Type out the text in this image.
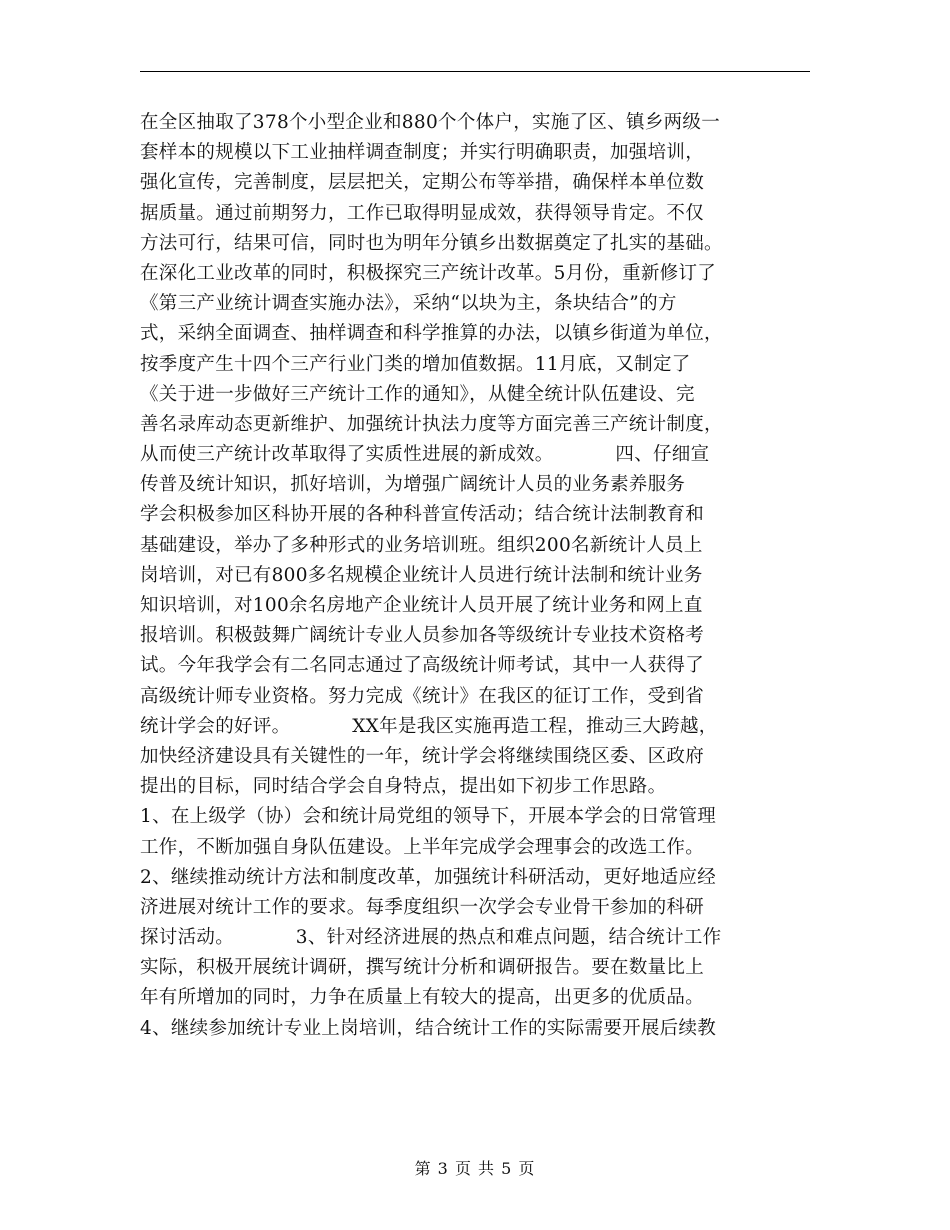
在全区抽取了378个小型企业和880个个体户，实施了区、镇乡两级一
套样本的规模以下工业抽样调查制度；并实行明确职责，加强培训，
强化宣传，完善制度，层层把关，定期公布等举措，确保样本单位数
据质量。通过前期努力，工作已取得明显成效，获得领导肯定。不仅
方法可行，结果可信，同时也为明年分镇乡出数据奠定了扎实的基础。
在深化工业改革的同时，积极探究三产统计改革。5月份，重新修订了
《第三产业统计调查实施办法》，采纳“以块为主，条块结合”的方
式，采纳全面调查、抽样调查和科学推算的办法，以镇乡街道为单位，
按季度产生十四个三产行业门类的增加值数据。11月底，又制定了
《关于进一步做好三产统计工作的通知》，从健全统计队伍建设、完
善名录库动态更新维护、加强统计执法力度等方面完善三产统计制度，
从而使三产统计改革取得了实质性进展的新成效。          四、仔细宣
传普及统计知识，抓好培训，为增强广阔统计人员的业务素养服务
学会积极参加区科协开展的各种科普宣传活动；结合统计法制教育和
基础建设，举办了多种形式的业务培训班。组织200名新统计人员上
岗培训，对已有800多名规模企业统计人员进行统计法制和统计业务
知识培训，对100余名房地产企业统计人员开展了统计业务和网上直
报培训。积极鼓舞广阔统计专业人员参加各等级统计专业技术资格考
试。今年我学会有二名同志通过了高级统计师考试，其中一人获得了
高级统计师专业资格。努力完成《统计》在我区的征订工作，受到省
统计学会的好评。          XX年是我区实施再造工程，推动三大跨越，
加快经济建设具有关键性的一年，统计学会将继续围绕区委、区政府
提出的目标，同时结合学会自身特点，提出如下初步工作思路。
1、在上级学（协）会和统计局党组的领导下，开展本学会的日常管理
工作，不断加强自身队伍建设。上半年完成学会理事会的改选工作。
2、继续推动统计方法和制度改革，加强统计科研活动，更好地适应经
济进展对统计工作的要求。每季度组织一次学会专业骨干参加的科研
探讨活动。          3、针对经济进展的热点和难点问题，结合统计工作
实际，积极开展统计调研，撰写统计分析和调研报告。要在数量比上
年有所增加的同时，力争在质量上有较大的提高，出更多的优质品。
4、继续参加统计专业上岗培训，结合统计工作的实际需要开展后续教
第 3 页 共 5 页
